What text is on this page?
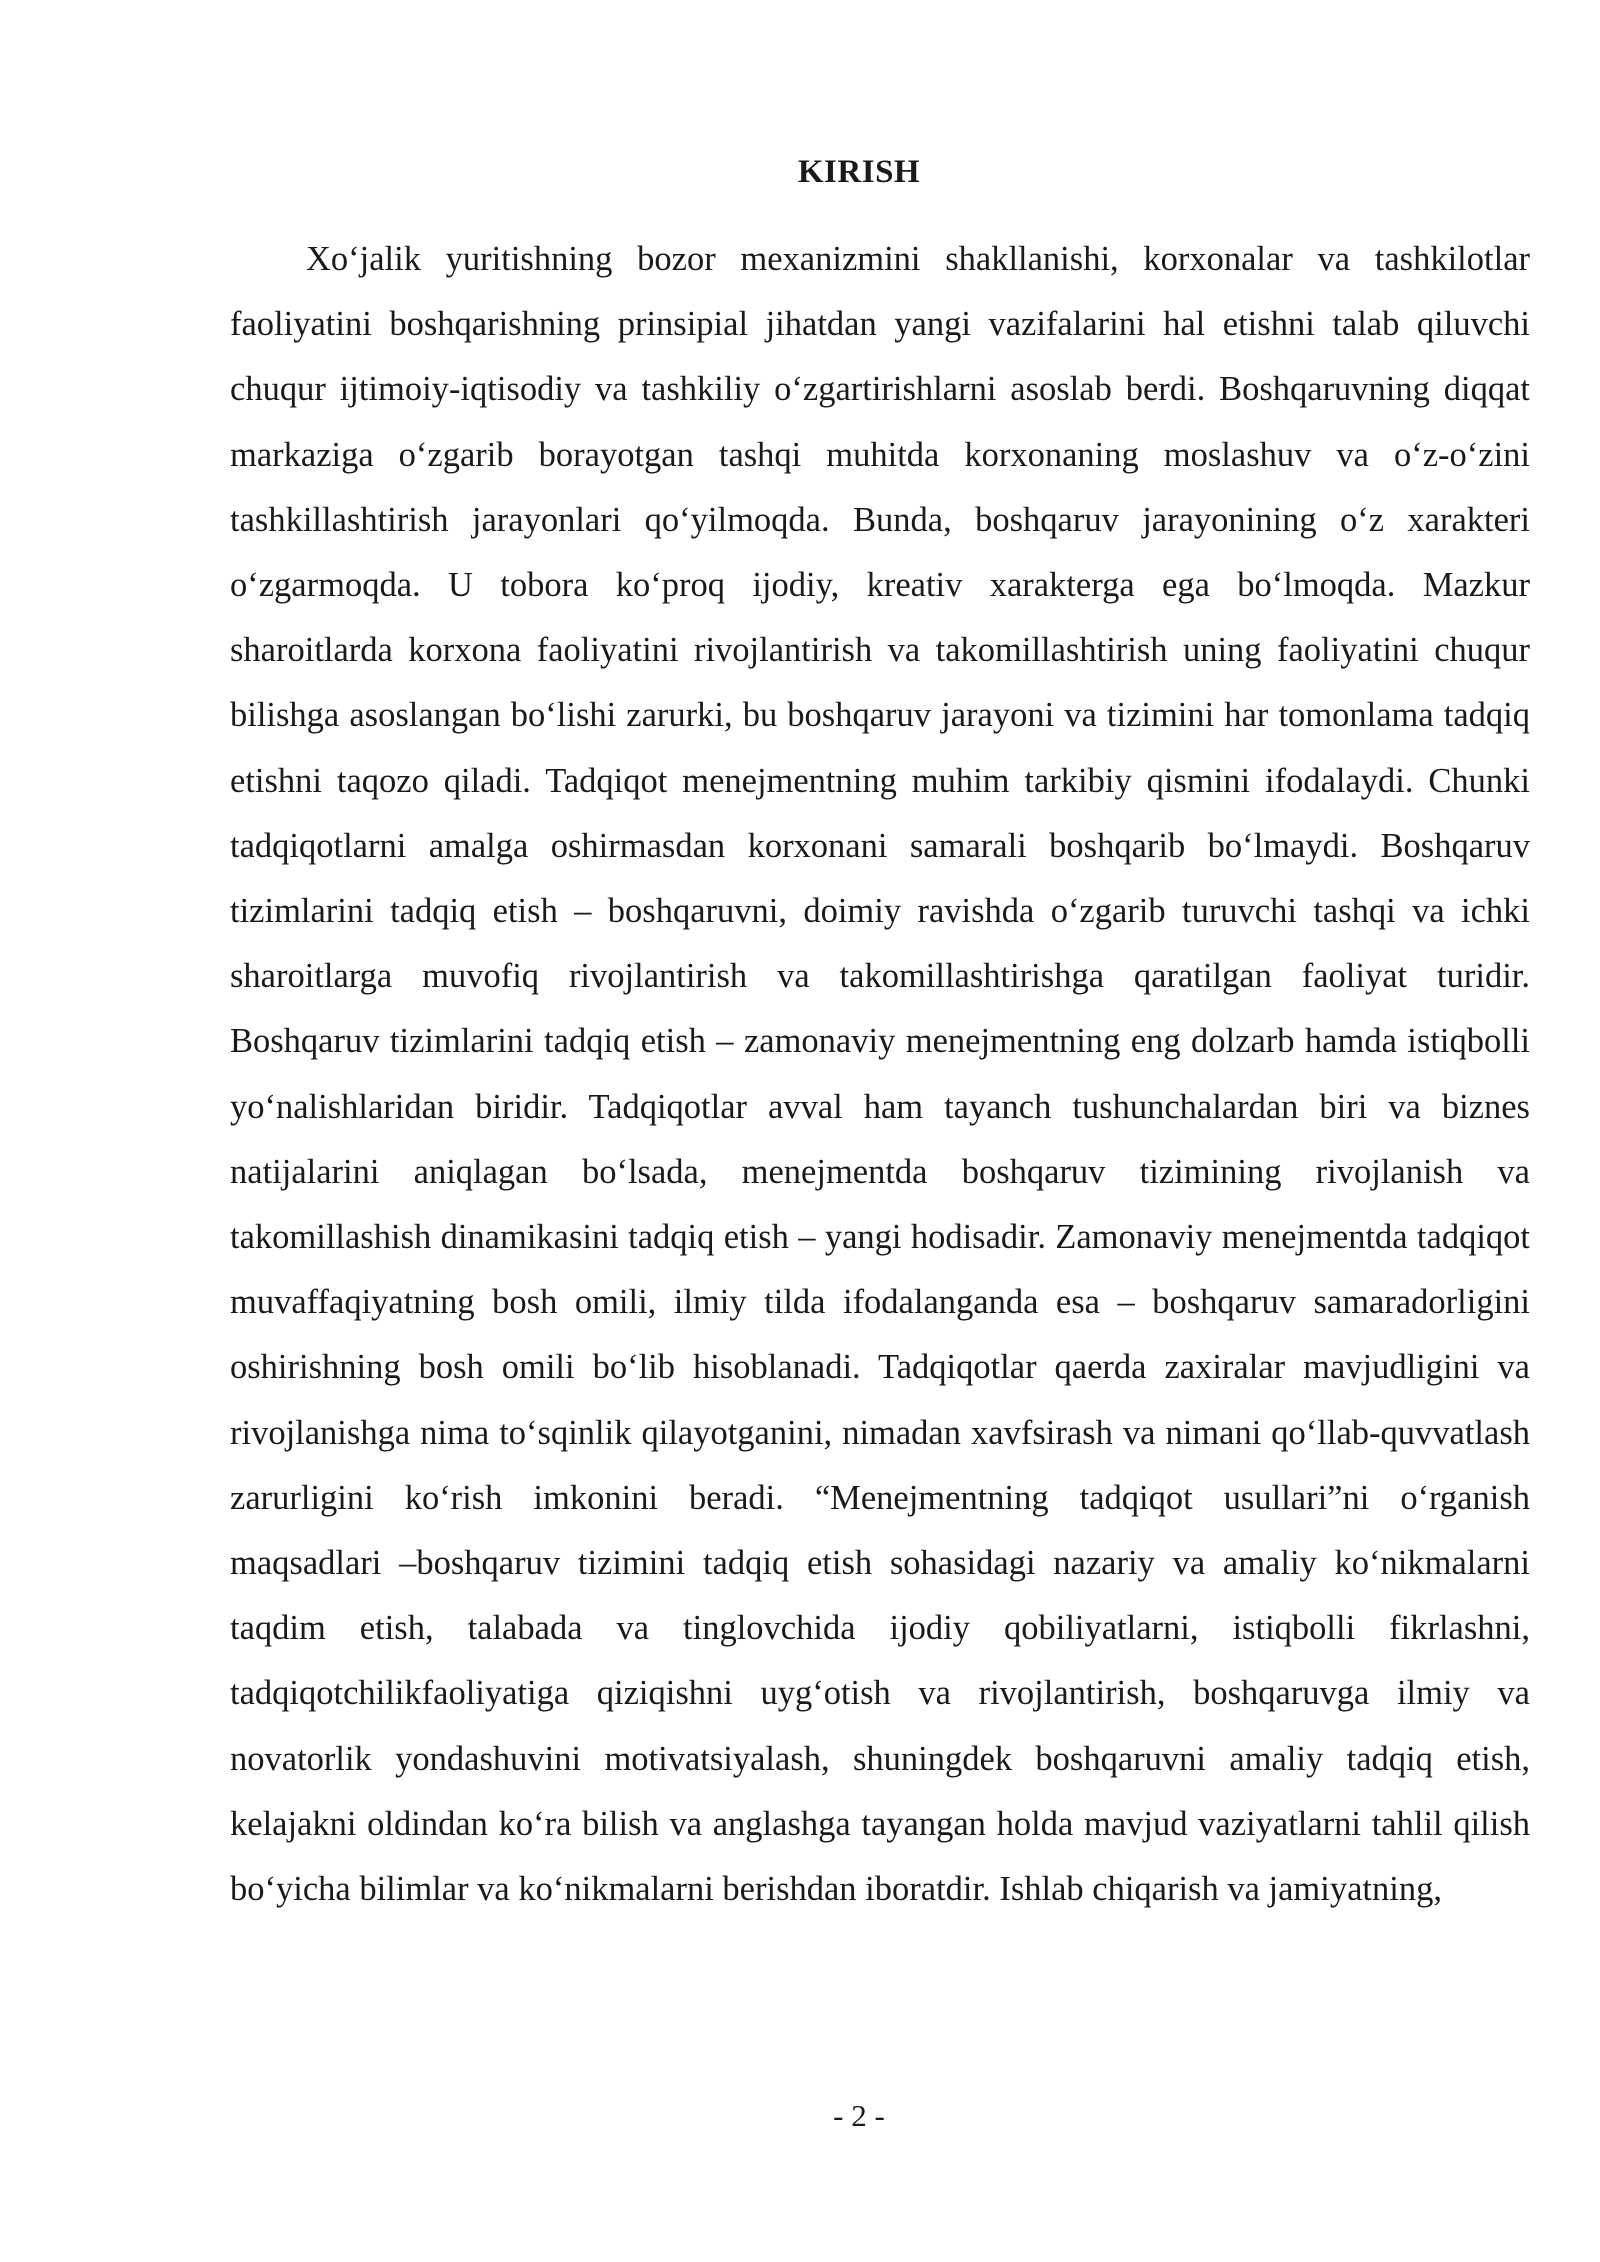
KIRISH

Xo‘jalik yuritishning bozor mexanizmini shakllanishi, korxonalar va tashkilotlar faoliyatini boshqarishning prinsipial jihatdan yangi vazifalarini hal etishni talab qiluvchi chuqur ijtimoiy-iqtisodiy va tashkiliy o‘zgartirishlarni asoslab berdi. Boshqaruvning diqqat markaziga o‘zgarib borayotgan tashqi muhitda korxonaning moslashuv va o‘z-o‘zini tashkillashtirish jarayonlari qo‘yilmoqda. Bunda, boshqaruv jarayonining o‘z xarakteri o‘zgarmoqda. U tobora ko‘proq ijodiy, kreativ xarakterga ega bo‘lmoqda. Mazkur sharoitlarda korxona faoliyatini rivojlantirish va takomillashtirish uning faoliyatini chuqur bilishga asoslangan bo‘lishi zarurki, bu boshqaruv jarayoni va tizimini har tomonlama tadqiq etishni taqozo qiladi. Tadqiqot menejmentning muhim tarkibiy qismini ifodalaydi. Chunki tadqiqotlarni amalga oshirmasdan korxonani samarali boshqarib bo‘lmaydi. Boshqaruv tizimlarini tadqiq etish – boshqaruvni, doimiy ravishda o‘zgarib turuvchi tashqi va ichki sharoitlarga muvofiq rivojlantirish va takomillashtirishga qaratilgan faoliyat turidir. Boshqaruv tizimlarini tadqiq etish – zamonaviy menejmentning eng dolzarb hamda istiqbolli yo‘nalishlaridan biridir. Tadqiqotlar avval ham tayanch tushunchalardan biri va biznes natijalarini aniqlagan bo‘lsada, menejmentda boshqaruv tizimining rivojlanish va takomillashish dinamikasini tadqiq etish – yangi hodisadir. Zamonaviy menejmentda tadqiqot muvaffaqiyatning bosh omili, ilmiy tilda ifodalanganda esa – boshqaruv samaradorligini oshirishning bosh omili bo‘lib hisoblanadi. Tadqiqotlar qaerda zaxiralar mavjudligini va rivojlanishga nima to‘sqinlik qilayotganini, nimadan xavfsirash va nimani qo‘llab-quvvatlash zarurligini ko‘rish imkonini beradi. “Menejmentning tadqiqot usullari”ni o‘rganish maqsadlari –boshqaruv tizimini tadqiq etish sohasidagi nazariy va amaliy ko‘nikmalarni taqdim etish, talabada va tinglovchida ijodiy qobiliyatlarni, istiqbolli fikrlashni, tadqiqotchilikfaoliyatiga qiziqishni uyg‘otish va rivojlantirish, boshqaruvga ilmiy va novatorlik yondashuvini motivatsiyalash, shuningdek boshqaruvni amaliy tadqiq etish, kelajakni oldindan ko‘ra bilish va anglashga tayangan holda mavjud vaziyatlarni tahlil qilish bo‘yicha bilimlar va ko‘nikmalarni berishdan iboratdir. Ishlab chiqarish va jamiyatning,

- 2 -
